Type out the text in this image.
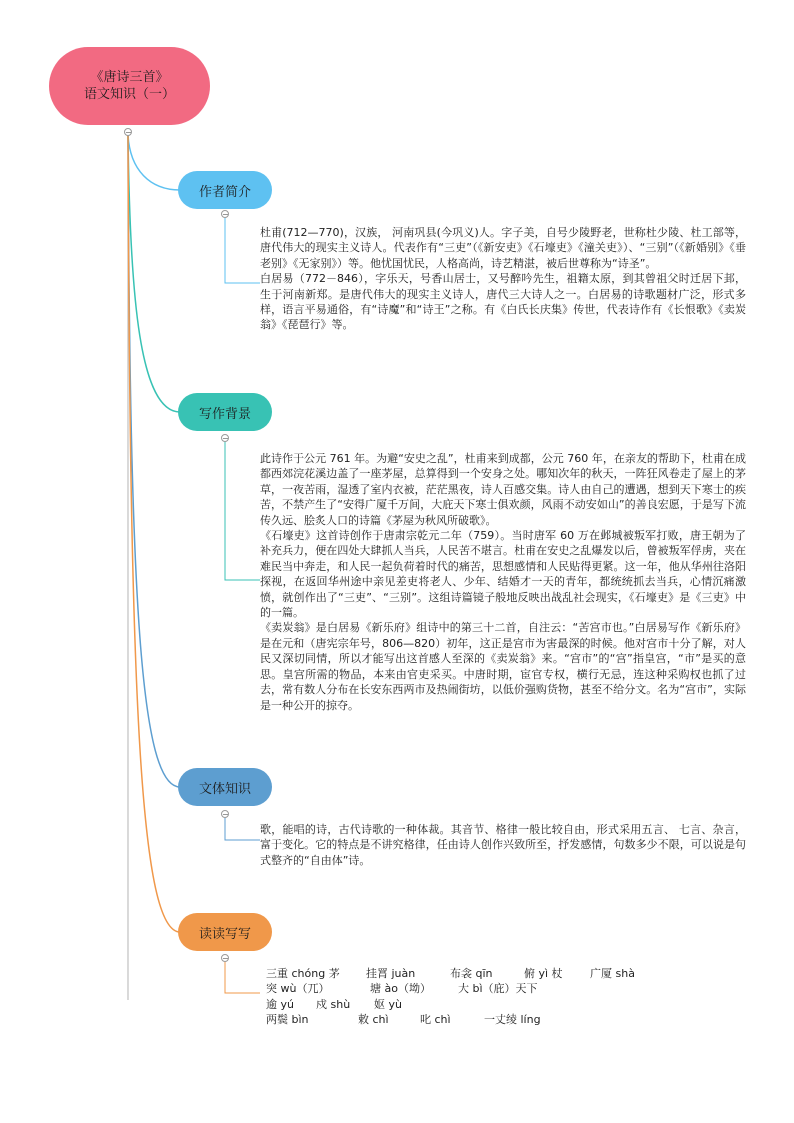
《唐诗三首》
语文知识（一）
−
作者简介
−
写作背景
−
文体知识
−
读读写写
−

杜甫(712—770)，汉族， 河南巩县(今巩义)人。字子美，自号少陵野老，世称杜少陵、杜工部等，唐代伟大的现实主义诗人。代表作有“三吏”（《新安吏》《石壕吏》《潼关吏》）、“三别”（《新婚别》《垂老别》《无家别》）等。他忧国忧民，人格高尚，诗艺精湛，被后世尊称为“诗圣”。

白居易（772－846），字乐天，号香山居士，又号醉吟先生，祖籍太原，到其曾祖父时迁居下邽，生于河南新郑。是唐代伟大的现实主义诗人，唐代三大诗人之一。白居易的诗歌题材广泛，形式多样，语言平易通俗，有“诗魔”和“诗王”之称。有《白氏长庆集》传世，代表诗作有《长恨歌》《卖炭翁》《琵琶行》等。

此诗作于公元 761 年。为避“安史之乱”，杜甫来到成都，公元 760 年，在亲友的帮助下，杜甫在成都西郊浣花溪边盖了一座茅屋，总算得到一个安身之处。哪知次年的秋天，一阵狂风卷走了屋上的茅草，一夜苦雨，湿透了室内衣被，茫茫黑夜，诗人百感交集。诗人由自己的遭遇，想到天下寒士的疾苦，不禁产生了“安得广厦千万间，大庇天下寒士俱欢颜，风雨不动安如山”的善良宏愿，于是写下流传久远、脍炙人口的诗篇《茅屋为秋风所破歌》。

《石壕吏》这首诗创作于唐肃宗乾元二年（759）。当时唐军 60 万在邺城被叛军打败，唐王朝为了补充兵力，便在四处大肆抓人当兵，人民苦不堪言。杜甫在安史之乱爆发以后，曾被叛军俘虏，夹在难民当中奔走，和人民一起负荷着时代的痛苦，思想感情和人民贴得更紧。这一年，他从华州往洛阳探视，在返回华州途中亲见差吏将老人、少年、结婚才一天的青年，都统统抓去当兵，心情沉痛激愤，就创作出了“三吏”、“三别”。这组诗篇镜子般地反映出战乱社会现实，《石壕吏》是《三吏》中的一篇。

《卖炭翁》是白居易《新乐府》组诗中的第三十二首，自注云：“苦宫市也。”白居易写作《新乐府》是在元和（唐宪宗年号，806—820）初年，这正是宫市为害最深的时候。他对宫市十分了解，对人民又深切同情，所以才能写出这首感人至深的《卖炭翁》来。“宫市”的“宫”指皇宫，“市”是买的意思。皇宫所需的物品，本来由官吏采买。中唐时期，宦官专权，横行无忌，连这种采购权也抓了过去，常有数人分布在长安东西两市及热闹街坊，以低价强购货物，甚至不给分文。名为“宫市”，实际是一种公开的掠夺。

歌，能唱的诗，古代诗歌的一种体裁。其音节、格律一般比较自由，形式采用五言、 七言、杂言，富于变化。它的特点是不讲究格律，任由诗人创作兴致所至，抒发感情，句数多少不限，可以说是句式整齐的“自由体”诗。

三重 chóng 茅	挂罥 juàn	布衾 qīn	俯 yì 杖	广厦 shà
突 wù（兀）	塘 ào（坳）	大 bì（庇）天下
逾 yú	戍 shù	妪 yù
两鬓 bìn	敕 chì	叱 chì	一丈绫 líng
